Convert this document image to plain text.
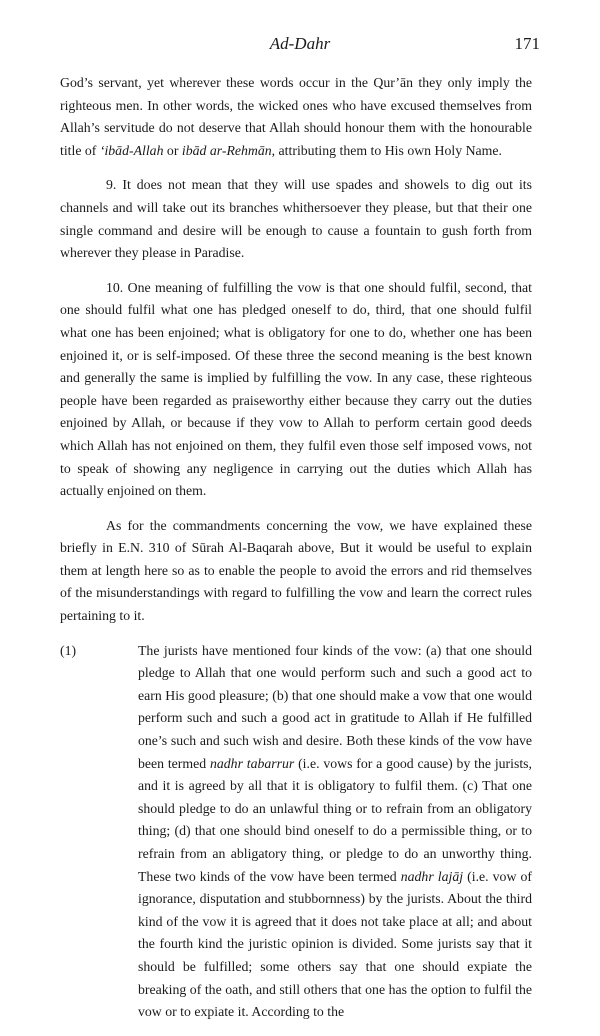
Ad-Dahr	171

God’s servant, yet wherever these words occur in the Qur’ān they only imply the righteous men. In other words, the wicked ones who have excused themselves from Allah’s servitude do not deserve that Allah should honour them with the honourable title of ‘ibād-Allah or ibād ar-Rehmān, attributing them to His own Holy Name.

9. It does not mean that they will use spades and showels to dig out its channels and will take out its branches whithersoever they please, but that their one single command and desire will be enough to cause a fountain to gush forth from wherever they please in Paradise.

10. One meaning of fulfilling the vow is that one should fulfil, second, that one should fulfil what one has pledged oneself to do, third, that one should fulfil what one has been enjoined; what is obligatory for one to do, whether one has been enjoined it, or is self-imposed. Of these three the second meaning is the best known and generally the same is implied by fulfilling the vow. In any case, these righteous people have been regarded as praiseworthy either because they carry out the duties enjoined by Allah, or because if they vow to Allah to perform certain good deeds which Allah has not enjoined on them, they fulfil even those self imposed vows, not to speak of showing any negligence in carrying out the duties which Allah has actually enjoined on them.

As for the commandments concerning the vow, we have explained these briefly in E.N. 310 of Sūrah Al-Baqarah above, But it would be useful to explain them at length here so as to enable the people to avoid the errors and rid themselves of the misunderstandings with regard to fulfilling the vow and learn the correct rules pertaining to it.

(1)	The jurists have mentioned four kinds of the vow: (a) that one should pledge to Allah that one would perform such and such a good act to earn His good pleasure; (b) that one should make a vow that one would perform such and such a good act in gratitude to Allah if He fulfilled one’s such and such wish and desire. Both these kinds of the vow have been termed nadhr tabarrur (i.e. vows for a good cause) by the jurists, and it is agreed by all that it is obligatory to fulfil them. (c) That one should pledge to do an unlawful thing or to refrain from an obligatory thing; (d) that one should bind oneself to do a permissible thing, or to refrain from an abligatory thing, or pledge to do an unworthy thing. These two kinds of the vow have been termed nadhr lajāj (i.e. vow of ignorance, disputation and stubbornness) by the jurists. About the third kind of the vow it is agreed that it does not take place at all; and about the fourth kind the juristic opinion is divided. Some jurists say that it should be fulfilled; some others say that one should expiate the breaking of the oath, and still others that one has the option to fulfil the vow or to expiate it. According to the
